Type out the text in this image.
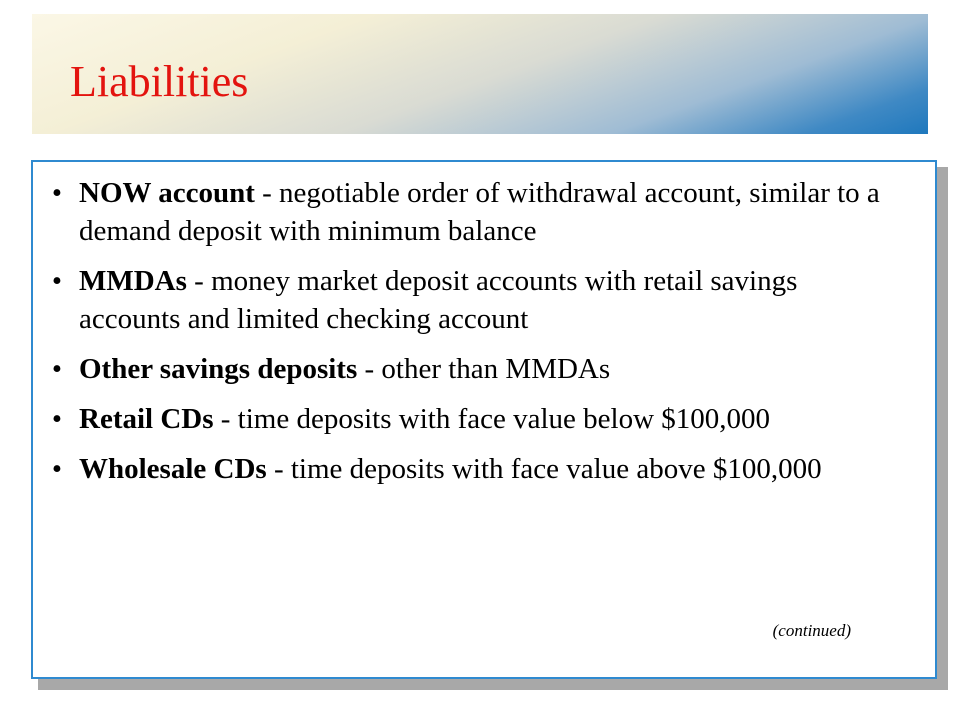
Liabilities
• NOW account - negotiable order of withdrawal account, similar to a demand deposit with minimum balance
• MMDAs - money market deposit accounts with retail savings accounts and limited checking account
• Other savings deposits - other than MMDAs
• Retail CDs - time deposits with face value below $100,000
• Wholesale CDs - time deposits with face value above $100,000
(continued)
